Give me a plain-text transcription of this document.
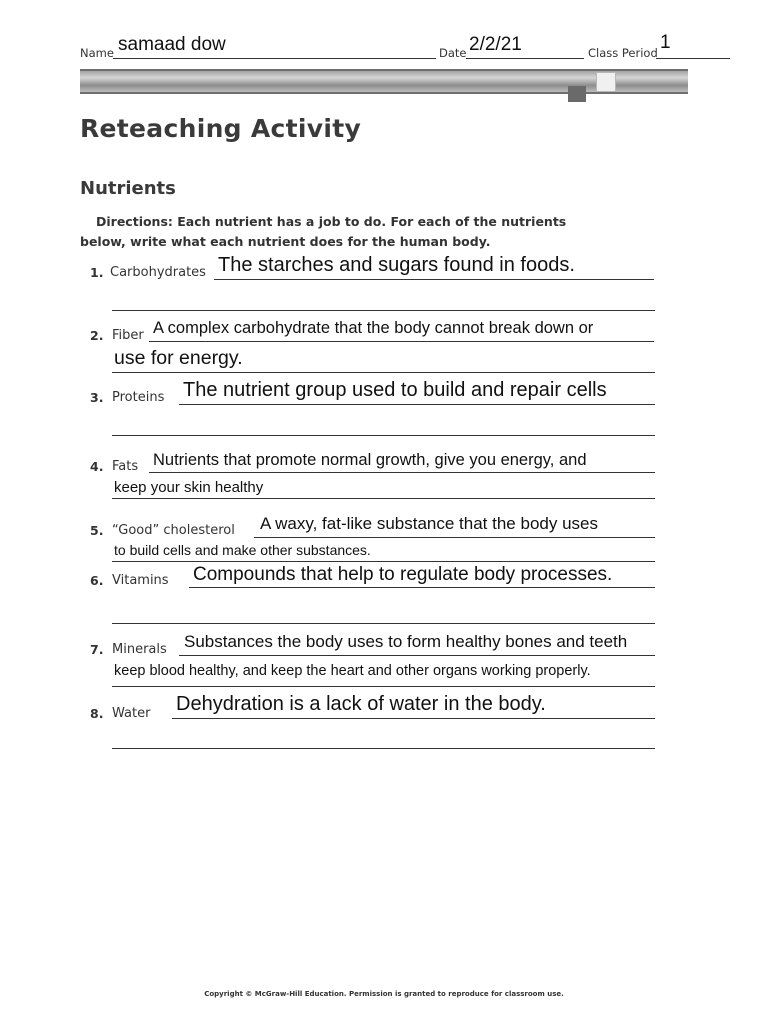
Name samaad dow	Date 2/2/21	Class Period 1
Reteaching Activity
Nutrients
Directions: Each nutrient has a job to do. For each of the nutrients
below, write what each nutrient does for the human body.
1. Carbohydrates The starches and sugars found in foods.
2. Fiber A complex carbohydrate that the body cannot break down or
use for energy.
3. Proteins The nutrient group used to build and repair cells
4. Fats Nutrients that promote normal growth, give you energy, and
keep your skin healthy
5. “Good” cholesterol A waxy, fat-like substance that the body uses
to build cells and make other substances.
6. Vitamins Compounds that help to regulate body processes.
7. Minerals Substances the body uses to form healthy bones and teeth
keep blood healthy, and keep the heart and other organs working properly.
8. Water Dehydration is a lack of water in the body.
Copyright © McGraw-Hill Education. Permission is granted to reproduce for classroom use.
